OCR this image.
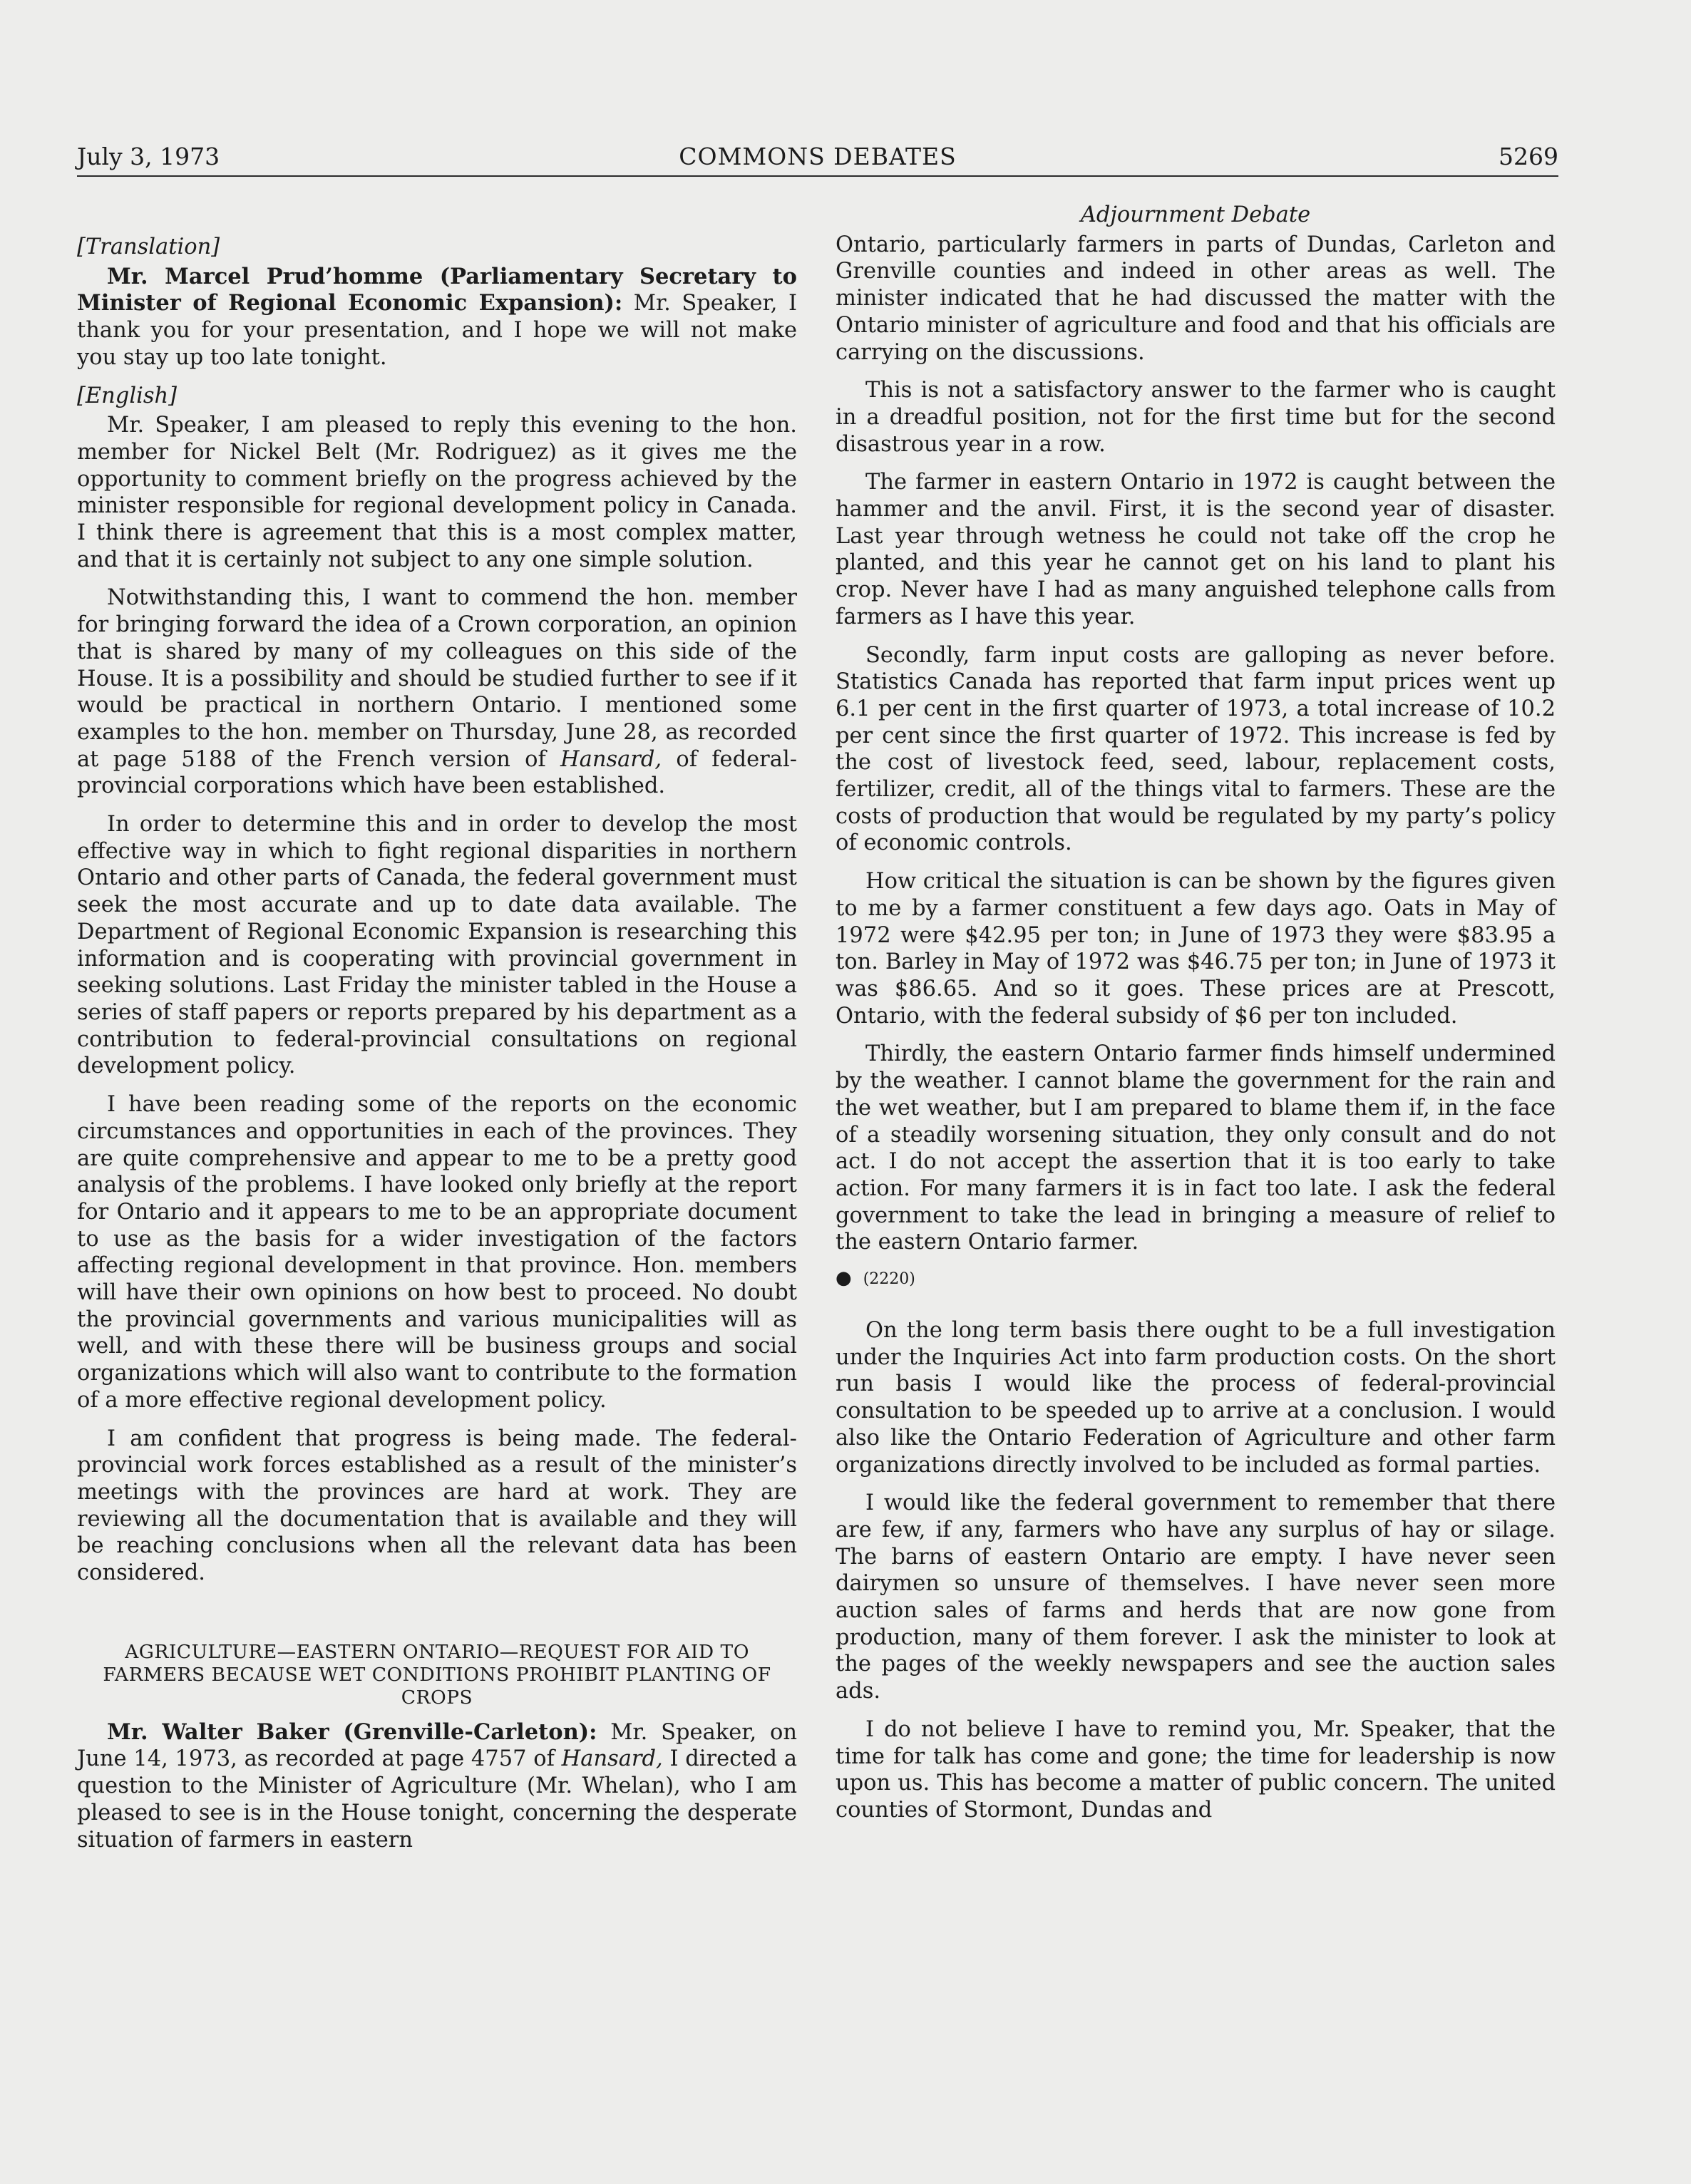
July 3, 1973	COMMONS DEBATES	5269
[Translation]

Mr. Marcel Prud’homme (Parliamentary Secretary to Minister of Regional Economic Expansion): Mr. Speaker, I thank you for your presentation, and I hope we will not make you stay up too late tonight.

[English]

Mr. Speaker, I am pleased to reply this evening to the hon. member for Nickel Belt (Mr. Rodriguez) as it gives me the opportunity to comment briefly on the progress achieved by the minister responsible for regional development policy in Canada. I think there is agreement that this is a most complex matter, and that it is certainly not subject to any one simple solution.

Notwithstanding this, I want to commend the hon. member for bringing forward the idea of a Crown corporation, an opinion that is shared by many of my colleagues on this side of the House. It is a possibility and should be studied further to see if it would be practical in northern Ontario. I mentioned some examples to the hon. member on Thursday, June 28, as recorded at page 5188 of the French version of Hansard, of federal-provincial corporations which have been established.

In order to determine this and in order to develop the most effective way in which to fight regional disparities in northern Ontario and other parts of Canada, the federal government must seek the most accurate and up to date data available. The Department of Regional Economic Expansion is researching this information and is cooperating with provincial government in seeking solutions. Last Friday the minister tabled in the House a series of staff papers or reports prepared by his department as a contribution to federal-provincial consultations on regional development policy.

I have been reading some of the reports on the economic circumstances and opportunities in each of the provinces. They are quite comprehensive and appear to me to be a pretty good analysis of the problems. I have looked only briefly at the report for Ontario and it appears to me to be an appropriate document to use as the basis for a wider investigation of the factors affecting regional development in that province. Hon. members will have their own opinions on how best to proceed. No doubt the provincial governments and various municipalities will as well, and with these there will be business groups and social organizations which will also want to contribute to the formation of a more effective regional development policy.

I am confident that progress is being made. The federal-provincial work forces established as a result of the minister’s meetings with the provinces are hard at work. They are reviewing all the documentation that is available and they will be reaching conclusions when all the relevant data has been considered.

AGRICULTURE—EASTERN ONTARIO—REQUEST FOR AID TO FARMERS BECAUSE WET CONDITIONS PROHIBIT PLANTING OF CROPS

Mr. Walter Baker (Grenville-Carleton): Mr. Speaker, on June 14, 1973, as recorded at page 4757 of Hansard, I directed a question to the Minister of Agriculture (Mr. Whelan), who I am pleased to see is in the House tonight, concerning the desperate situation of farmers in eastern

Adjournment Debate

Ontario, particularly farmers in parts of Dundas, Carleton and Grenville counties and indeed in other areas as well. The minister indicated that he had discussed the matter with the Ontario minister of agriculture and food and that his officials are carrying on the discussions.

This is not a satisfactory answer to the farmer who is caught in a dreadful position, not for the first time but for the second disastrous year in a row.

The farmer in eastern Ontario in 1972 is caught between the hammer and the anvil. First, it is the second year of disaster. Last year through wetness he could not take off the crop he planted, and this year he cannot get on his land to plant his crop. Never have I had as many anguished telephone calls from farmers as I have this year.

Secondly, farm input costs are galloping as never before. Statistics Canada has reported that farm input prices went up 6.1 per cent in the first quarter of 1973, a total increase of 10.2 per cent since the first quarter of 1972. This increase is fed by the cost of livestock feed, seed, labour, replacement costs, fertilizer, credit, all of the things vital to farmers. These are the costs of production that would be regulated by my party’s policy of economic controls.

How critical the situation is can be shown by the figures given to me by a farmer constituent a few days ago. Oats in May of 1972 were $42.95 per ton; in June of 1973 they were $83.95 a ton. Barley in May of 1972 was $46.75 per ton; in June of 1973 it was $86.65. And so it goes. These prices are at Prescott, Ontario, with the federal subsidy of $6 per ton included.

Thirdly, the eastern Ontario farmer finds himself undermined by the weather. I cannot blame the government for the rain and the wet weather, but I am prepared to blame them if, in the face of a steadily worsening situation, they only consult and do not act. I do not accept the assertion that it is too early to take action. For many farmers it is in fact too late. I ask the federal government to take the lead in bringing a measure of relief to the eastern Ontario farmer.

● (2220)

On the long term basis there ought to be a full investigation under the Inquiries Act into farm production costs. On the short run basis I would like the process of federal-provincial consultation to be speeded up to arrive at a conclusion. I would also like the Ontario Federation of Agriculture and other farm organizations directly involved to be included as formal parties.

I would like the federal government to remember that there are few, if any, farmers who have any surplus of hay or silage. The barns of eastern Ontario are empty. I have never seen dairymen so unsure of themselves. I have never seen more auction sales of farms and herds that are now gone from production, many of them forever. I ask the minister to look at the pages of the weekly newspapers and see the auction sales ads.

I do not believe I have to remind you, Mr. Speaker, that the time for talk has come and gone; the time for leadership is now upon us. This has become a matter of public concern. The united counties of Stormont, Dundas and
